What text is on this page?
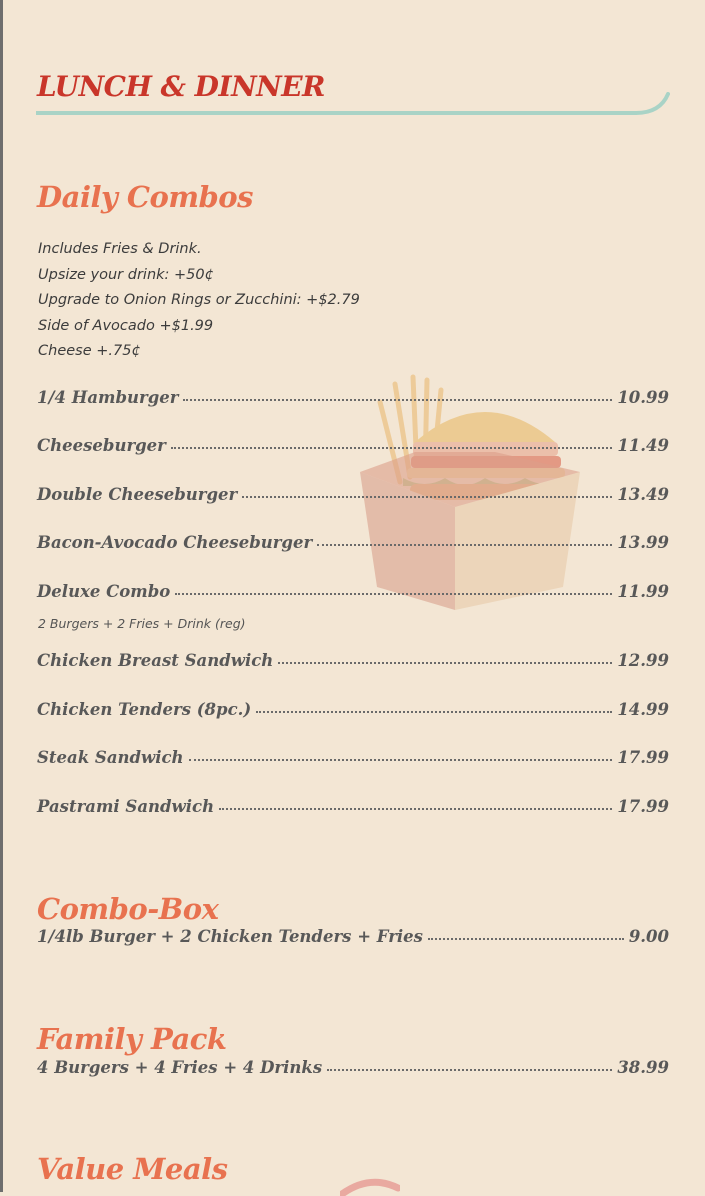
LUNCH & DINNER
Daily Combos
Includes Fries & Drink.
Upsize your drink: +50¢
Upgrade to Onion Rings or Zucchini: +$2.79
Side of Avocado +$1.99
Cheese +.75¢
1/4 Hamburger	10.99
Cheeseburger	11.49
Double Cheeseburger	13.49
Bacon-Avocado Cheeseburger	13.99
Deluxe Combo	11.99
2 Burgers + 2 Fries + Drink (reg)
Chicken Breast Sandwich	12.99
Chicken Tenders (8pc.)	14.99
Steak Sandwich	17.99
Pastrami Sandwich	17.99
Combo-Box
1/4lb Burger + 2 Chicken Tenders + Fries	9.00
Family Pack
4 Burgers + 4 Fries + 4 Drinks	38.99
Value Meals
